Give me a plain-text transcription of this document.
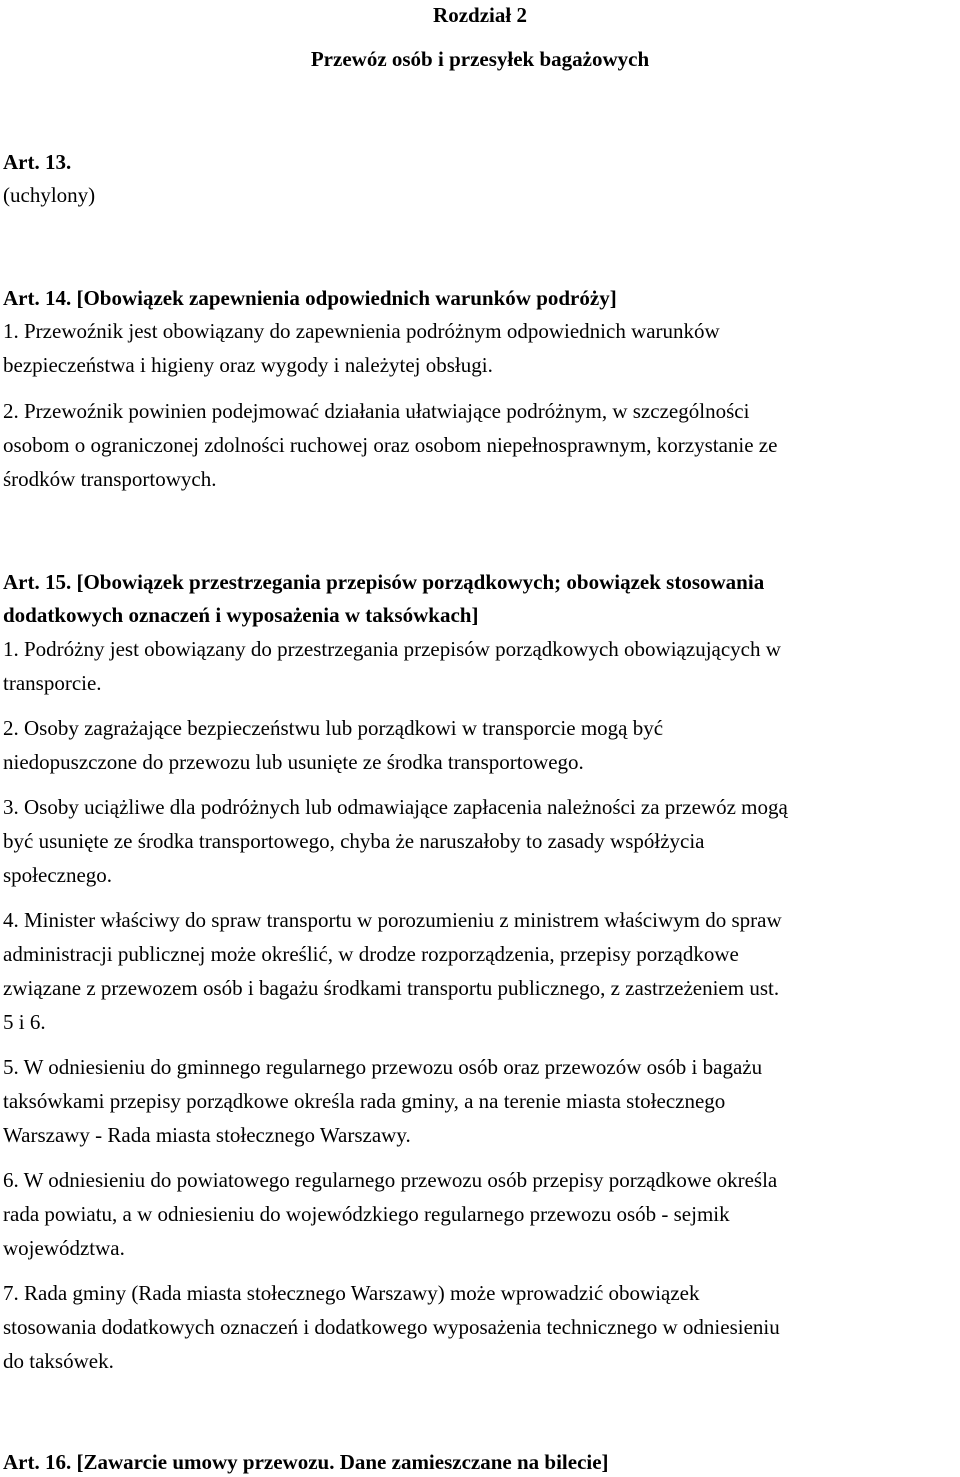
Rozdział 2

Przewóz osób i przesyłek bagażowych

Art. 13.

(uchylony)

Art. 14. [Obowiązek zapewnienia odpowiednich warunków podróży]

1. Przewoźnik jest obowiązany do zapewnienia podróżnym odpowiednich warunków

bezpieczeństwa i higieny oraz wygody i należytej obsługi.

2. Przewoźnik powinien podejmować działania ułatwiające podróżnym, w szczególności

osobom o ograniczonej zdolności ruchowej oraz osobom niepełnosprawnym, korzystanie ze

środków transportowych.

Art. 15. [Obowiązek przestrzegania przepisów porządkowych; obowiązek stosowania

dodatkowych oznaczeń i wyposażenia w taksówkach]

1. Podróżny jest obowiązany do przestrzegania przepisów porządkowych obowiązujących w

transporcie.

2. Osoby zagrażające bezpieczeństwu lub porządkowi w transporcie mogą być

niedopuszczone do przewozu lub usunięte ze środka transportowego.

3. Osoby uciążliwe dla podróżnych lub odmawiające zapłacenia należności za przewóz mogą

być usunięte ze środka transportowego, chyba że naruszałoby to zasady współżycia

społecznego.

4. Minister właściwy do spraw transportu w porozumieniu z ministrem właściwym do spraw

administracji publicznej może określić, w drodze rozporządzenia, przepisy porządkowe

związane z przewozem osób i bagażu środkami transportu publicznego, z zastrzeżeniem ust.

5 i 6.

5. W odniesieniu do gminnego regularnego przewozu osób oraz przewozów osób i bagażu

taksówkami przepisy porządkowe określa rada gminy, a na terenie miasta stołecznego

Warszawy - Rada miasta stołecznego Warszawy.

6. W odniesieniu do powiatowego regularnego przewozu osób przepisy porządkowe określa

rada powiatu, a w odniesieniu do wojewódzkiego regularnego przewozu osób - sejmik

województwa.

7. Rada gminy (Rada miasta stołecznego Warszawy) może wprowadzić obowiązek

stosowania dodatkowych oznaczeń i dodatkowego wyposażenia technicznego w odniesieniu

do taksówek.

Art. 16. [Zawarcie umowy przewozu. Dane zamieszczane na bilecie]
